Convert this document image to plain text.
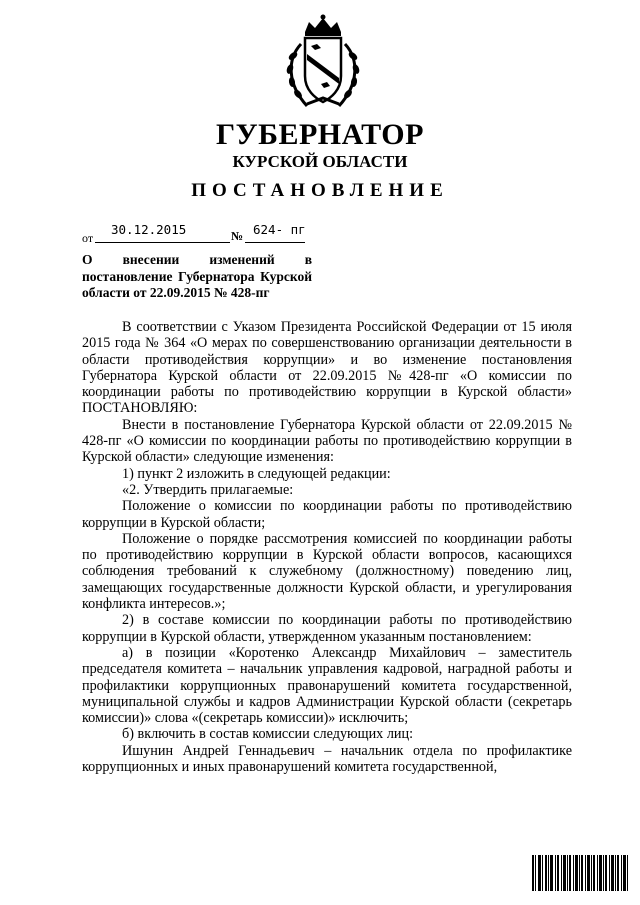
ГУБЕРНАТОР
КУРСКОЙ ОБЛАСТИ
ПОСТАНОВЛЕНИЕ
от
30.12.2015	№ 624- пг
О внесении изменений в постановление Губернатора Курской области от 22.09.2015 № 428-пг

В соответствии с Указом Президента Российской Федерации от 15 июля 2015 года № 364 «О мерах по совершенствованию организации деятельности в области противодействия коррупции» и во изменение постановления Губернатора Курской области от 22.09.2015 №428-пг «О комиссии по координации работы по противодействию коррупции в Курской области» ПОСТАНОВЛЯЮ:

Внести в постановление Губернатора Курской области от 22.09.2015 № 428-пг «О комиссии по координации работы по противодействию коррупции в Курской области» следующие изменения:

1) пункт 2 изложить в следующей редакции:

«2. Утвердить прилагаемые:

Положение о комиссии по координации работы по противодействию коррупции в Курской области;

Положение о порядке рассмотрения комиссией по координации работы по противодействию коррупции в Курской области вопросов, касающихся соблюдения требований к служебному (должностному) поведению лиц, замещающих государственные должности Курской области, и урегулирования конфликта интересов.»;

2) в составе комиссии по координации работы по противодействию коррупции в Курской области, утвержденном указанным постановлением:

а) в позиции «Коротенко Александр Михайлович – заместитель председателя комитета – начальник управления кадровой, наградной работы и профилактики коррупционных правонарушений комитета государственной, муниципальной службы и кадров Администрации Курской области (секретарь комиссии)» слова «(секретарь комиссии)» исключить;

б) включить в состав комиссии следующих лиц:

Ишунин Андрей Геннадьевич – начальник отдела по профилактике коррупционных и иных правонарушений комитета государственной,
